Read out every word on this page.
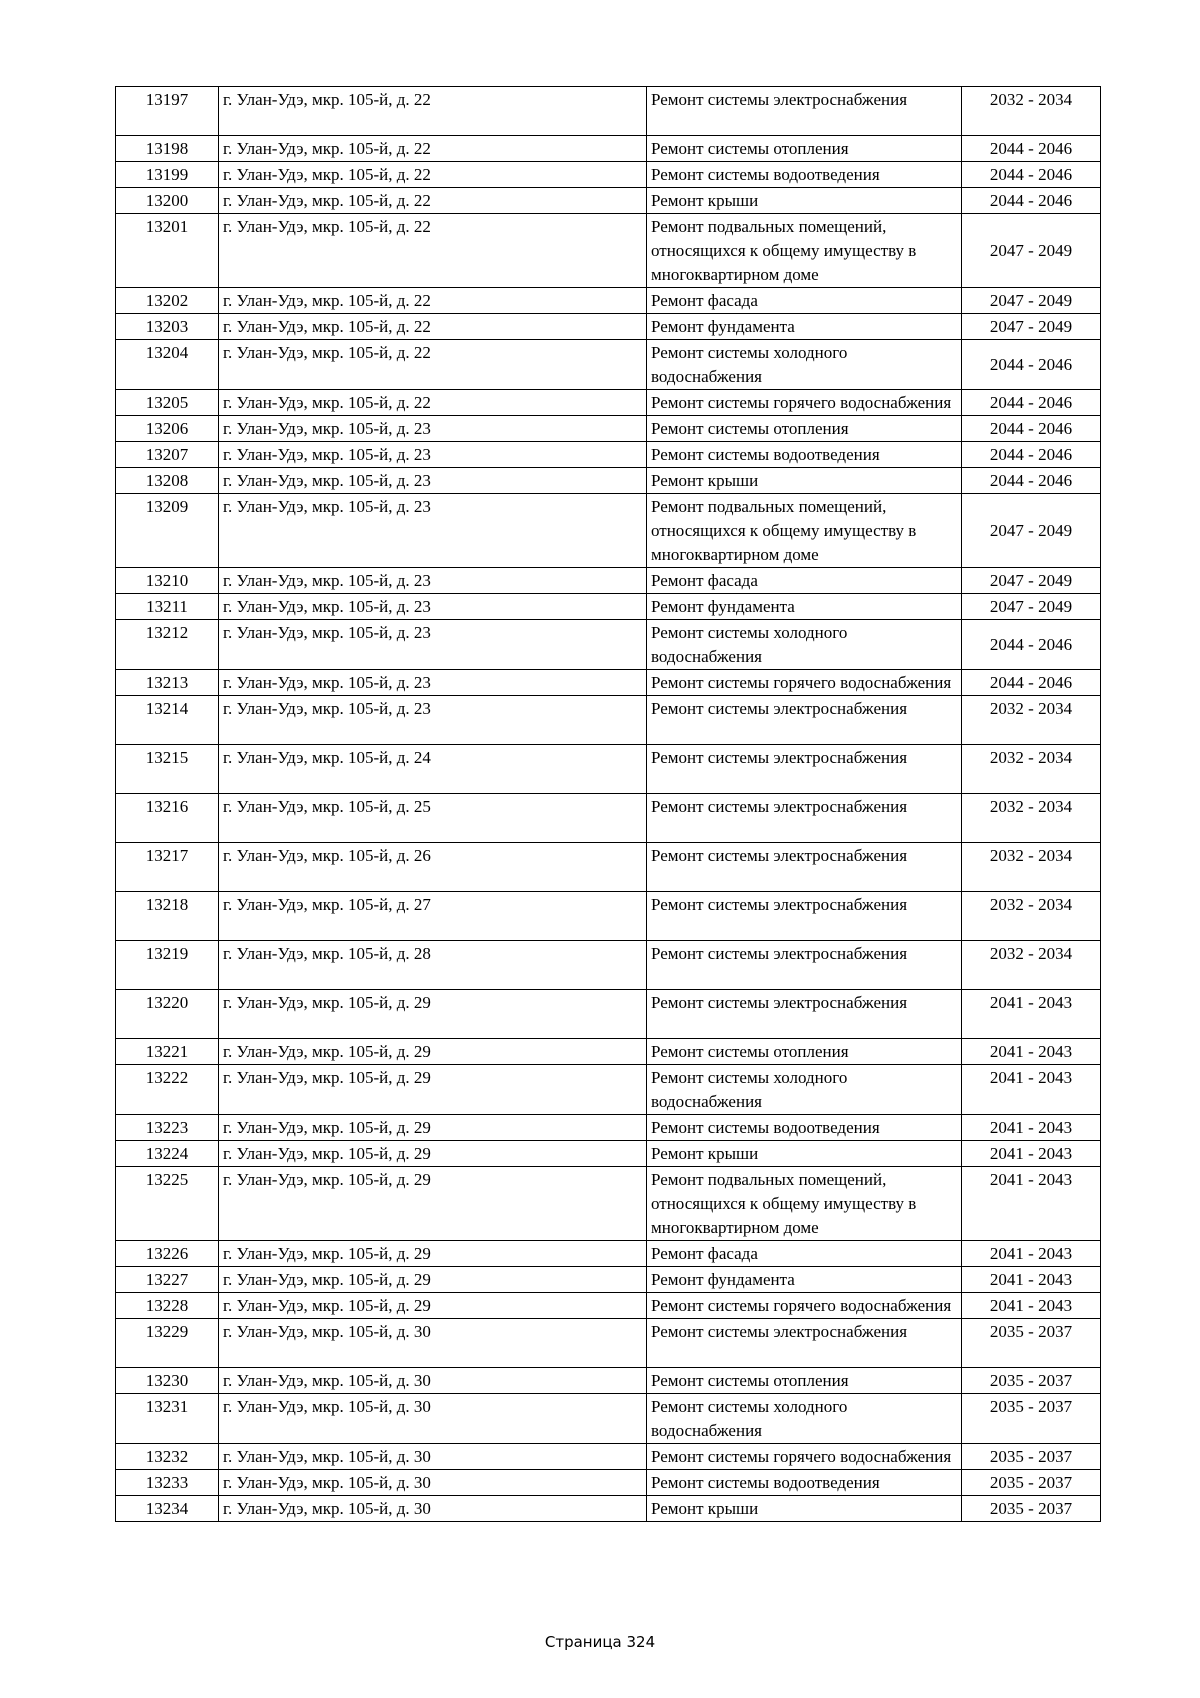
13197	г. Улан-Удэ, мкр. 105-й, д. 22	Ремонт системы электроснабжения	2032 - 2034
13198	г. Улан-Удэ, мкр. 105-й, д. 22	Ремонт системы отопления	2044 - 2046
13199	г. Улан-Удэ, мкр. 105-й, д. 22	Ремонт системы водоотведения	2044 - 2046
13200	г. Улан-Удэ, мкр. 105-й, д. 22	Ремонт крыши	2044 - 2046
13201	г. Улан-Удэ, мкр. 105-й, д. 22	Ремонт подвальных помещений, относящихся к общему имуществу в многоквартирном доме	2047 - 2049
13202	г. Улан-Удэ, мкр. 105-й, д. 22	Ремонт фасада	2047 - 2049
13203	г. Улан-Удэ, мкр. 105-й, д. 22	Ремонт фундамента	2047 - 2049
13204	г. Улан-Удэ, мкр. 105-й, д. 22	Ремонт системы холодного водоснабжения	2044 - 2046
13205	г. Улан-Удэ, мкр. 105-й, д. 22	Ремонт системы горячего водоснабжения	2044 - 2046
13206	г. Улан-Удэ, мкр. 105-й, д. 23	Ремонт системы отопления	2044 - 2046
13207	г. Улан-Удэ, мкр. 105-й, д. 23	Ремонт системы водоотведения	2044 - 2046
13208	г. Улан-Удэ, мкр. 105-й, д. 23	Ремонт крыши	2044 - 2046
13209	г. Улан-Удэ, мкр. 105-й, д. 23	Ремонт подвальных помещений, относящихся к общему имуществу в многоквартирном доме	2047 - 2049
13210	г. Улан-Удэ, мкр. 105-й, д. 23	Ремонт фасада	2047 - 2049
13211	г. Улан-Удэ, мкр. 105-й, д. 23	Ремонт фундамента	2047 - 2049
13212	г. Улан-Удэ, мкр. 105-й, д. 23	Ремонт системы холодного водоснабжения	2044 - 2046
13213	г. Улан-Удэ, мкр. 105-й, д. 23	Ремонт системы горячего водоснабжения	2044 - 2046
13214	г. Улан-Удэ, мкр. 105-й, д. 23	Ремонт системы электроснабжения	2032 - 2034
13215	г. Улан-Удэ, мкр. 105-й, д. 24	Ремонт системы электроснабжения	2032 - 2034
13216	г. Улан-Удэ, мкр. 105-й, д. 25	Ремонт системы электроснабжения	2032 - 2034
13217	г. Улан-Удэ, мкр. 105-й, д. 26	Ремонт системы электроснабжения	2032 - 2034
13218	г. Улан-Удэ, мкр. 105-й, д. 27	Ремонт системы электроснабжения	2032 - 2034
13219	г. Улан-Удэ, мкр. 105-й, д. 28	Ремонт системы электроснабжения	2032 - 2034
13220	г. Улан-Удэ, мкр. 105-й, д. 29	Ремонт системы электроснабжения	2041 - 2043
13221	г. Улан-Удэ, мкр. 105-й, д. 29	Ремонт системы отопления	2041 - 2043
13222	г. Улан-Удэ, мкр. 105-й, д. 29	Ремонт системы холодного водоснабжения	2041 - 2043
13223	г. Улан-Удэ, мкр. 105-й, д. 29	Ремонт системы водоотведения	2041 - 2043
13224	г. Улан-Удэ, мкр. 105-й, д. 29	Ремонт крыши	2041 - 2043
13225	г. Улан-Удэ, мкр. 105-й, д. 29	Ремонт подвальных помещений, относящихся к общему имуществу в многоквартирном доме	2041 - 2043
13226	г. Улан-Удэ, мкр. 105-й, д. 29	Ремонт фасада	2041 - 2043
13227	г. Улан-Удэ, мкр. 105-й, д. 29	Ремонт фундамента	2041 - 2043
13228	г. Улан-Удэ, мкр. 105-й, д. 29	Ремонт системы горячего водоснабжения	2041 - 2043
13229	г. Улан-Удэ, мкр. 105-й, д. 30	Ремонт системы электроснабжения	2035 - 2037
13230	г. Улан-Удэ, мкр. 105-й, д. 30	Ремонт системы отопления	2035 - 2037
13231	г. Улан-Удэ, мкр. 105-й, д. 30	Ремонт системы холодного водоснабжения	2035 - 2037
13232	г. Улан-Удэ, мкр. 105-й, д. 30	Ремонт системы горячего водоснабжения	2035 - 2037
13233	г. Улан-Удэ, мкр. 105-й, д. 30	Ремонт системы водоотведения	2035 - 2037
13234	г. Улан-Удэ, мкр. 105-й, д. 30	Ремонт крыши	2035 - 2037
Страница 324
